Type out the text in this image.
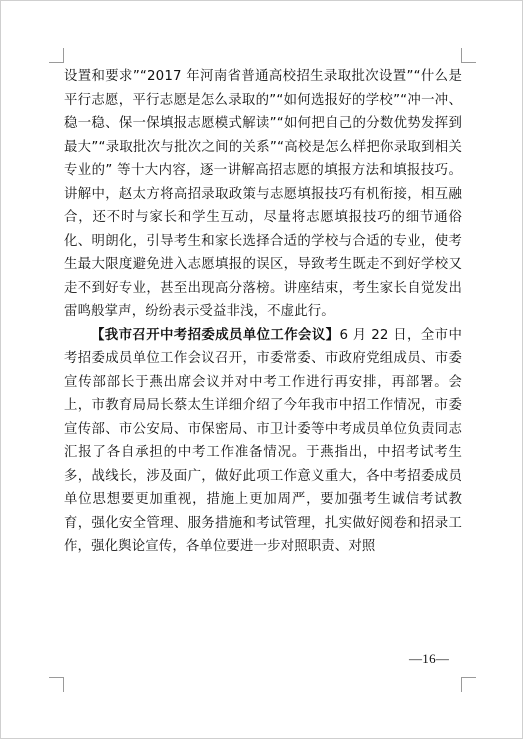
设置和要求”“2017 年河南省普通高校招生录取批次设置”“什么是平行志愿，平行志愿是怎么录取的”“如何选报好的学校”“冲一冲、稳一稳、保一保填报志愿模式解读”“如何把自己的分数优势发挥到最大”“录取批次与批次之间的关系”“高校是怎么样把你录取到相关专业的” 等十大内容，逐一讲解高招志愿的填报方法和填报技巧。讲解中，赵太方将高招录取政策与志愿填报技巧有机衔接，相互融合，还不时与家长和学生互动，尽量将志愿填报技巧的细节通俗化、明朗化，引导考生和家长选择合适的学校与合适的专业，使考生最大限度避免进入志愿填报的误区，导致考生既走不到好学校又走不到好专业，甚至出现高分落榜。讲座结束，考生家长自觉发出雷鸣般掌声，纷纷表示受益非浅，不虚此行。

【我市召开中考招委成员单位工作会议】6 月 22 日，全市中考招委成员单位工作会议召开，市委常委、市政府党组成员、市委宣传部部长于燕出席会议并对中考工作进行再安排，再部署。会上，市教育局局长蔡太生详细介绍了今年我市中招工作情况，市委宣传部、市公安局、市保密局、市卫计委等中考成员单位负责同志汇报了各自承担的中考工作准备情况。于燕指出，中招考试考生多，战线长，涉及面广，做好此项工作意义重大，各中考招委成员单位思想要更加重视，措施上更加周严，要加强考生诚信考试教育，强化安全管理、服务措施和考试管理，扎实做好阅卷和招录工作，强化舆论宣传，各单位要进一步对照职责、对照

—16—
